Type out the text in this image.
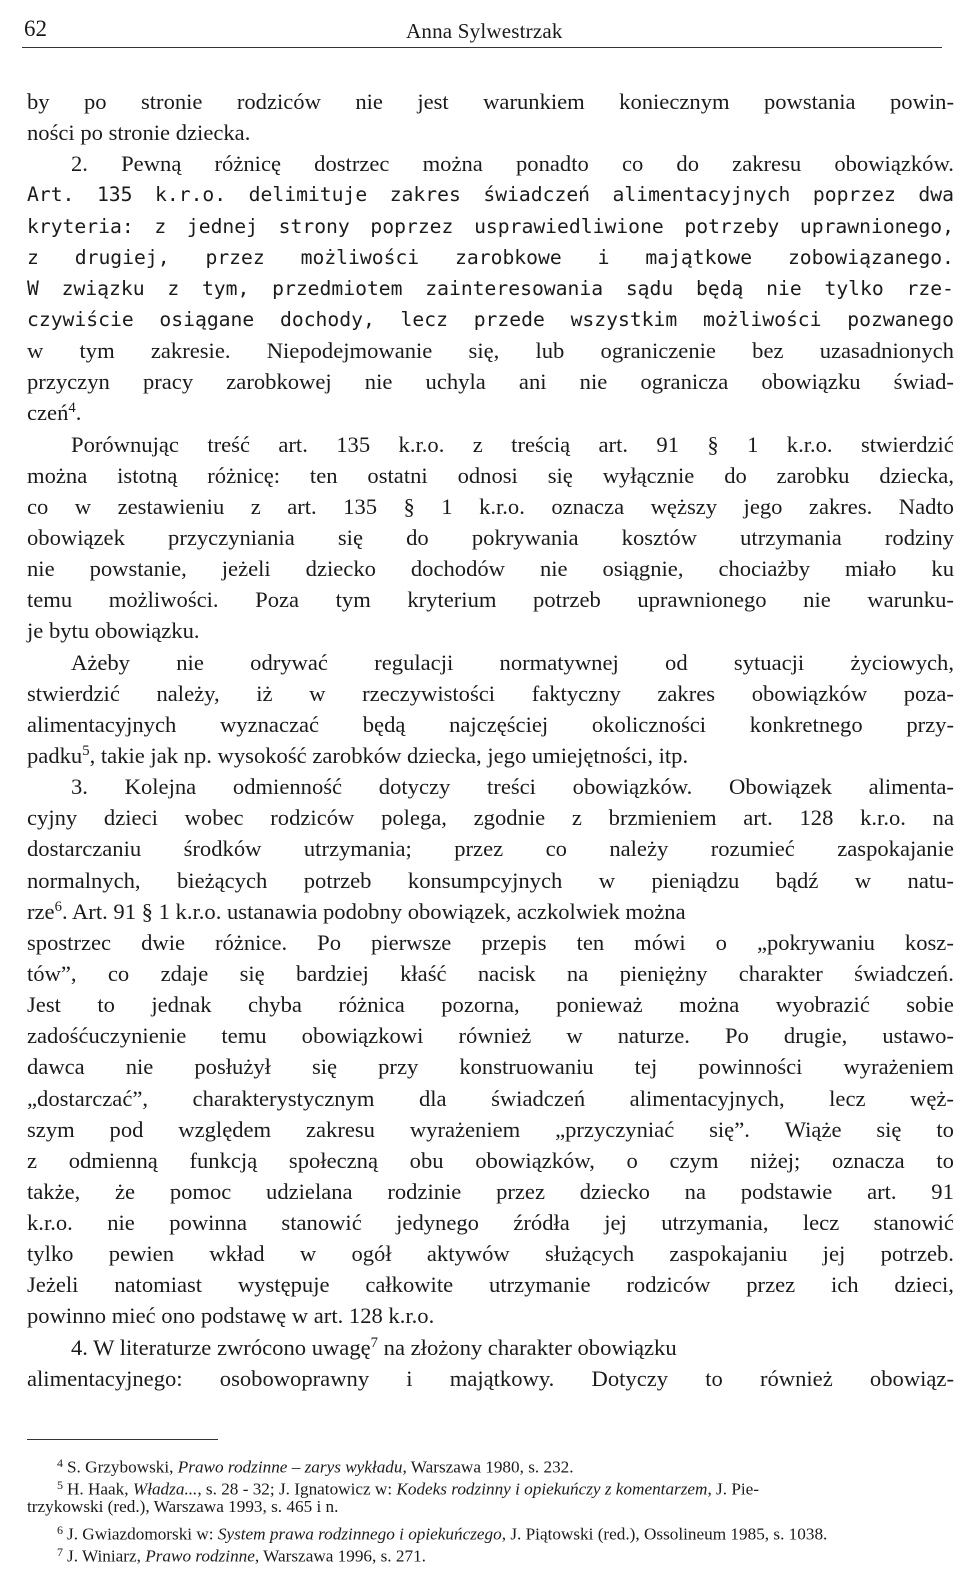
62	Anna Sylwestrzak
by po stronie rodziców nie jest warunkiem koniecznym powstania powin-
ności po stronie dziecka.
2. Pewną różnicę dostrzec można ponadto co do zakresu obowiązków.
Art. 135 k.r.o. delimituje zakres świadczeń alimentacyjnych poprzez dwa
kryteria: z jednej strony poprzez usprawiedliwione potrzeby uprawnionego,
z drugiej, przez możliwości zarobkowe i majątkowe zobowiązanego.
W związku z tym, przedmiotem zainteresowania sądu będą nie tylko rze-
czywiście osiągane dochody, lecz przede wszystkim możliwości pozwanego
w tym zakresie. Niepodejmowanie się, lub ograniczenie bez uzasadnionych
przyczyn pracy zarobkowej nie uchyla ani nie ogranicza obowiązku świad-
czeń$^4$.
Porównując treść art. 135 k.r.o. z treścią art. 91 § 1 k.r.o. stwierdzić
można istotną różnicę: ten ostatni odnosi się wyłącznie do zarobku dziecka,
co w zestawieniu z art. 135 § 1 k.r.o. oznacza węższy jego zakres. Nadto
obowiązek przyczyniania się do pokrywania kosztów utrzymania rodziny
nie powstanie, jeżeli dziecko dochodów nie osiągnie, chociażby miało ku
temu możliwości. Poza tym kryterium potrzeb uprawnionego nie warunku-
je bytu obowiązku.
Ażeby nie odrywać regulacji normatywnej od sytuacji życiowych,
stwierdzić należy, iż w rzeczywistości faktyczny zakres obowiązków poza-
alimentacyjnych wyznaczać będą najczęściej okoliczności konkretnego przy-
padku$^5$, takie jak np. wysokość zarobków dziecka, jego umiejętności, itp.
3. Kolejna odmienność dotyczy treści obowiązków. Obowiązek alimenta-
cyjny dzieci wobec rodziców polega, zgodnie z brzmieniem art. 128 k.r.o. na
dostarczaniu środków utrzymania; przez co należy rozumieć zaspokajanie
normalnych, bieżących potrzeb konsumpcyjnych w pieniądzu bądź w natu-
rze$^6$. Art. 91 § 1 k.r.o. ustanawia podobny obowiązek, aczkolwiek można
spostrzec dwie różnice. Po pierwsze przepis ten mówi o „pokrywaniu kosz-
tów”, co zdaje się bardziej kłaść nacisk na pieniężny charakter świadczeń.
Jest to jednak chyba różnica pozorna, ponieważ można wyobrazić sobie
zadośćuczynienie temu obowiązkowi również w naturze. Po drugie, ustawo-
dawca nie posłużył się przy konstruowaniu tej powinności wyrażeniem
„dostarczać”, charakterystycznym dla świadczeń alimentacyjnych, lecz węż-
szym pod względem zakresu wyrażeniem „przyczyniać się”. Wiąże się to
z odmienną funkcją społeczną obu obowiązków, o czym niżej; oznacza to
także, że pomoc udzielana rodzinie przez dziecko na podstawie art. 91
k.r.o. nie powinna stanowić jedynego źródła jej utrzymania, lecz stanowić
tylko pewien wkład w ogół aktywów służących zaspokajaniu jej potrzeb.
Jeżeli natomiast występuje całkowite utrzymanie rodziców przez ich dzieci,
powinno mieć ono podstawę w art. 128 k.r.o.
4. W literaturze zwrócono uwagę$^7$ na złożony charakter obowiązku
alimentacyjnego: osobowoprawny i majątkowy. Dotyczy to również obowiąz-
4 S. Grzybowski, Prawo rodzinne – zarys wykładu, Warszawa 1980, s. 232.
5 H. Haak, Władza..., s. 28 - 32; J. Ignatowicz w: Kodeks rodzinny i opiekuńczy z komentarzem, J. Pie-
trzykowski (red.), Warszawa 1993, s. 465 i n.
6 J. Gwiazdomorski w: System prawa rodzinnego i opiekuńczego, J. Piątowski (red.), Ossolineum 1985, s. 1038.
7 J. Winiarz, Prawo rodzinne, Warszawa 1996, s. 271.
